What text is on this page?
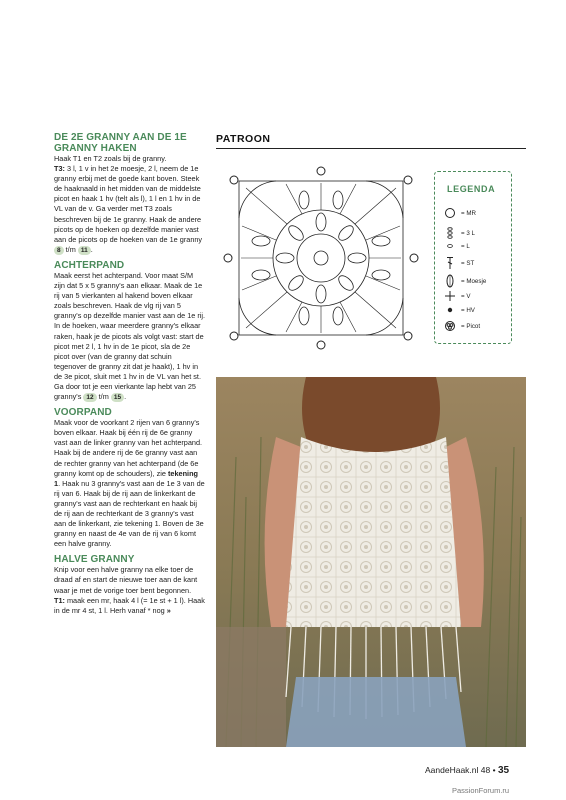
DE 2E GRANNY AAN DE 1E GRANNY HAKEN

Haak T1 en T2 zoals bij de granny.
T3: 3 l, 1 v in het 2e moesje, 2 l, neem de 1e granny erbij met de goede kant boven. Steek de haaknaald in het midden van de middelste picot en haak 1 hv (telt als l), 1 l en 1 hv in de VL van de v. Ga verder met T3 zoals beschreven bij de 1e granny. Haak de andere picots op de hoeken op dezelfde manier vast aan de picots op de hoeken van de 1e granny 8 t/m 11 .

ACHTERPAND

Maak eerst het achterpand. Voor maat S/M zijn dat 5 x 5 granny's aan elkaar. Maak de 1e rij van 5 vierkanten al hakend boven elkaar zoals beschreven. Haak de vlg rij van 5 granny's op dezelfde manier vast aan de 1e rij. In de hoeken, waar meerdere granny's elkaar raken, haak je de picots als volgt vast: start de picot met 2 l, 1 hv in de 1e picot, sla de 2e picot over (van de granny dat schuin tegenover de granny zit dat je haakt), 1 hv in de 3e picot, sluit met 1 hv in de VL van het st. Ga door tot je een vierkante lap hebt van 25 granny's 12 t/m 15 .

VOORPAND

Maak voor de voorkant 2 rijen van 6 granny's boven elkaar. Haak bij één rij de 6e granny vast aan de linker granny van het achterpand. Haak bij de andere rij de 6e granny vast aan de rechter granny van het achterpand (de 6e granny komt op de schouders), zie tekening 1. Haak nu 3 granny's vast aan de 1e 3 van de rij van 6. Haak bij de rij aan de linkerkant de granny's vast aan de rechterkant en haak bij de rij aan de rechterkant de 3 granny's vast aan de linkerkant, zie tekening 1. Boven de 3e granny en naast de 4e van de rij van 6 komt een halve granny.

HALVE GRANNY

Knip voor een halve granny na elke toer de draad af en start de nieuwe toer aan de kant waar je met de vorige toer bent begonnen.
T1: maak een mr, haak 4 l (= 1e st + 1 l). Haak in de mr 4 st, 1 l. Herh vanaf * nog »

PATROON
LEGENDA
= MR
= 3 L
= L
= ST
= Moesje
= V
= HV
= Picot
AandeHaak.nl 48 • 35
PassionForum.ru
